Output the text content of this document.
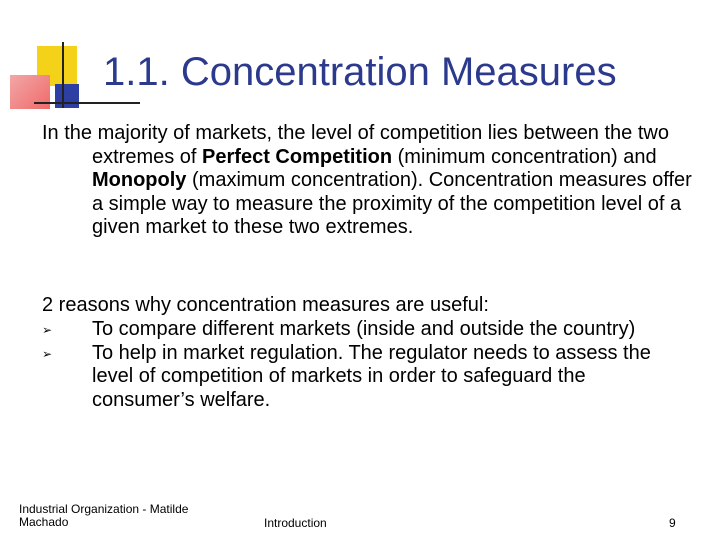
1.1. Concentration Measures

In the majority of markets, the level of competition lies between the two extremes of Perfect Competition (minimum concentration) and Monopoly (maximum concentration). Concentration measures offer a simple way to measure the proximity of the competition level of a given market to these two extremes.

2 reasons why concentration measures are useful:

➢ To compare different markets (inside and outside the country)
➢ To help in market regulation. The regulator needs to assess the level of competition of markets in order to safeguard the consumer’s welfare.
Industrial Organization - Matilde Machado	Introduction	9
